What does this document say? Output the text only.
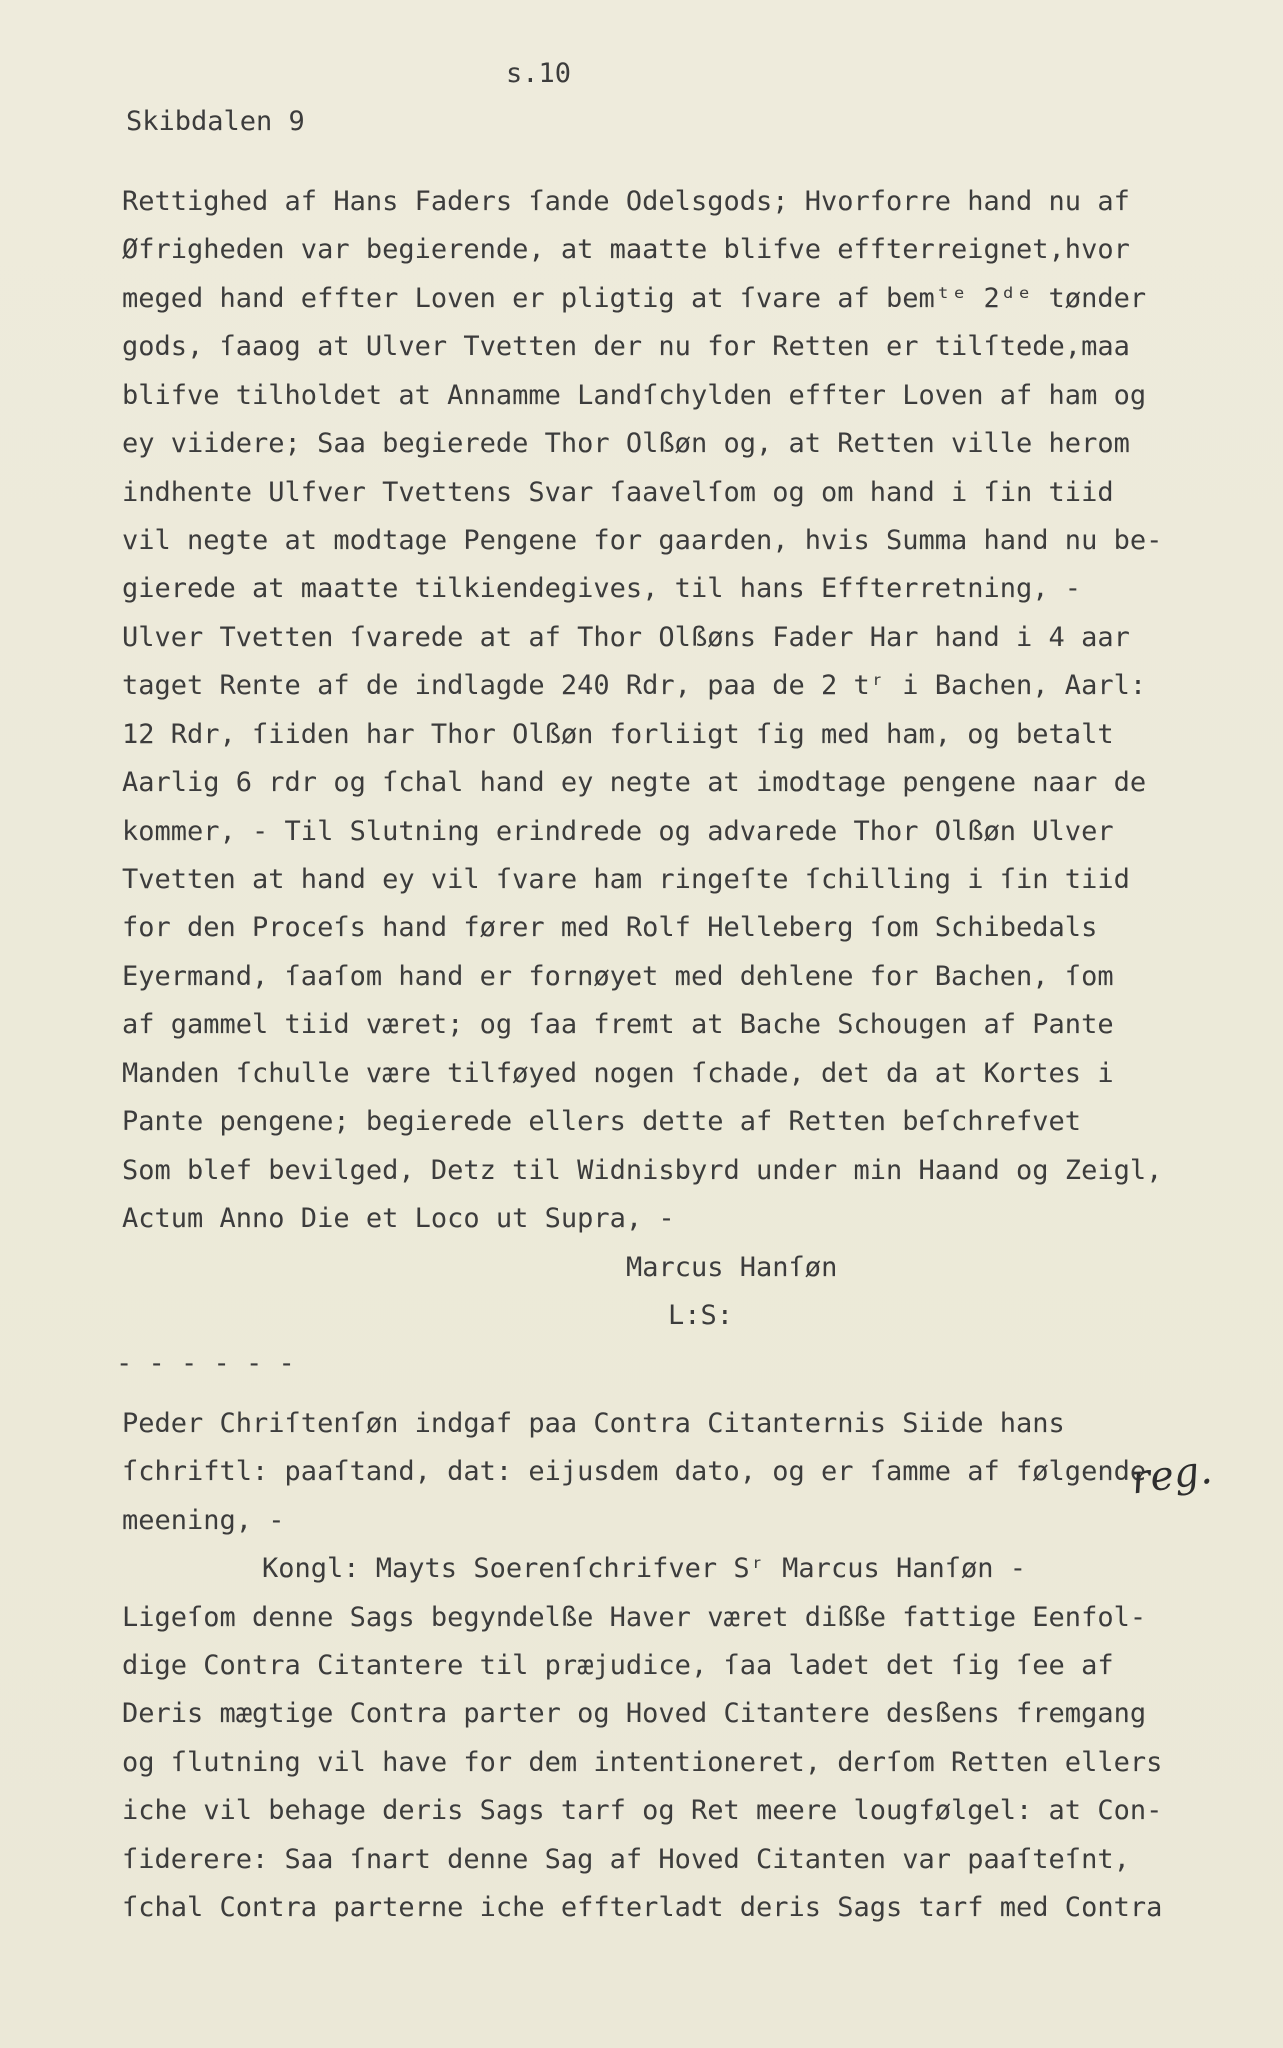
s.10
Skibdalen 9
Rettighed af Hans Faders ſande Odelsgods; Hvorforre hand nu af
Øfrigheden var begierende, at maatte blifve effterreignet,hvor
meged hand effter Loven er pligtig at ſvare af bemᵗᵉ 2ᵈᵉ tønder
gods, ſaaog at Ulver Tvetten der nu for Retten er tilſtede,maa
blifve tilholdet at Annamme Landſchylden effter Loven af ham og
ey viidere; Saa begierede Thor Olßøn og, at Retten ville herom
indhente Ulfver Tvettens Svar ſaavelſom og om hand i ſin tiid
vil negte at modtage Pengene for gaarden, hvis Summa hand nu be-
gierede at maatte tilkiendegives, til hans Effterretning, -
Ulver Tvetten ſvarede at af Thor Olßøns Fader Har hand i 4 aar
taget Rente af de indlagde 240 Rdr, paa de 2 tʳ i Bachen, Aarl:
12 Rdr, ſiiden har Thor Olßøn forliigt ſig med ham, og betalt
Aarlig 6 rdr og ſchal hand ey negte at imodtage pengene naar de
kommer, - Til Slutning erindrede og advarede Thor Olßøn Ulver
Tvetten at hand ey vil ſvare ham ringeſte ſchilling i ſin tiid
for den Proceſs hand fører med Rolf Helleberg ſom Schibedals
Eyermand, ſaaſom hand er fornøyet med dehlene for Bachen, ſom
af gammel tiid været; og ſaa fremt at Bache Schougen af Pante
Manden ſchulle være tilføyed nogen ſchade, det da at Kortes i
Pante pengene; begierede ellers dette af Retten beſchrefvet
Som blef bevilged, Detz til Widnisbyrd under min Haand og Zeigl,
Actum Anno Die et Loco ut Supra, -
Marcus Hanſøn
L:S:
- - - - - -
Peder Chriſtenſøn indgaf paa Contra Citanternis Siide hans
ſchriftl: paaſtand, dat: eijusdem dato, og er ſamme af følgende
meening, -
Kongl: Mayts Soerenſchrifver Sʳ Marcus Hanſøn -
Ligeſom denne Sags begyndelße Haver været dißße fattige Eenfol-
dige Contra Citantere til præjudice, ſaa ladet det ſig ſee af
Deris mægtige Contra parter og Hoved Citantere desßens fremgang
og ſlutning vil have for dem intentioneret, derſom Retten ellers
iche vil behage deris Sags tarf og Ret meere lougfølgel: at Con-
ſiderere: Saa ſnart denne Sag af Hoved Citanten var paaſteſnt,
ſchal Contra parterne iche effterladt deris Sags tarf med Contra
reg.
